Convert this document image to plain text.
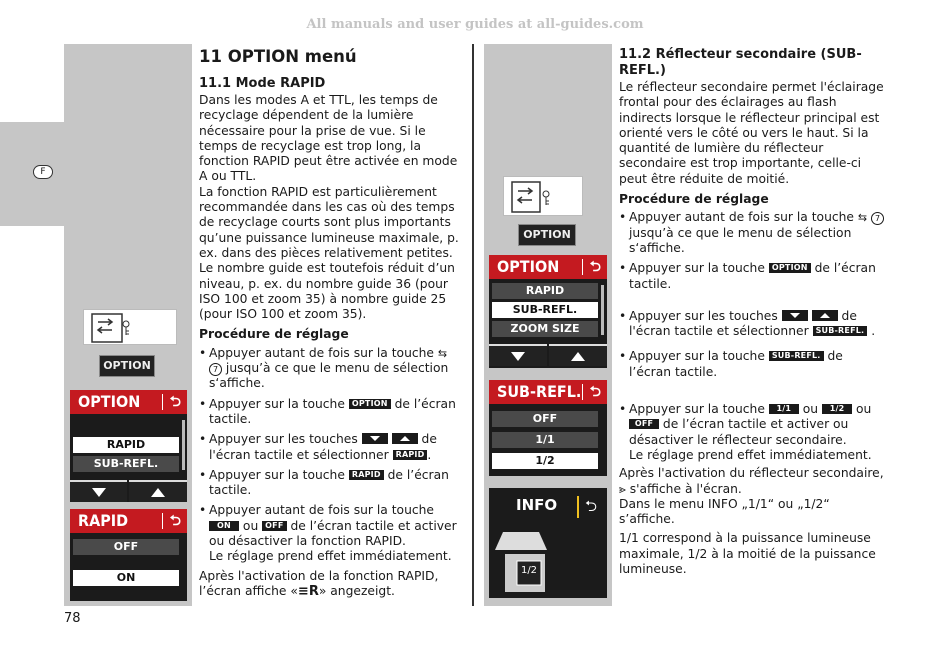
All manuals and user guides at all-guides.com
F
78
OPTION
OPTION ⮌
RAPID
SUB-REFL.
RAPID	⮌
OFF
ON
OPTION
OPTION ⮌
RAPID
SUB-REFL.
ZOOM SIZE
SUB-REFL. ⮌
OFF
1/1
1/2
INFO ⮌
1/2
11 OPTION menú
11.1 Mode RAPID

Dans les modes A et TTL, les temps de recyclage dépendent de la lumière nécessaire pour la prise de vue. Si le temps de recyclage est trop long, la fonction RAPID peut être activée en mode A ou TTL.

La fonction RAPID est particulièrement recommandée dans les cas où des temps de recyclage courts sont plus importants qu’une puissance lumineuse maximale, p. ex. dans des pièces relativement petites. Le nombre guide est toutefois réduit d’un niveau, p. ex. du nombre guide 36 (pour ISO 100 et zoom 35) à nombre guide 25 (pour ISO 100 et zoom 35).

Procédure de réglage
• Appuyer autant de fois sur la touche ⇆ 7 jusqu’à ce que le menu de sélection s‘affiche.
• Appuyer sur la touche OPTION de l’écran tactile.
• Appuyer sur les touches	de l'écran tactile et sélectionner RAPID .
• Appuyer sur la touche RAPID de l’écran tactile.
• Appuyer autant de fois sur la touche ON ou OFF de l’écran tactile et activer ou désactiver la fonction RAPID.
Le réglage prend effet immédiatement.

Après l'activation de la fonction RAPID,
l’écran affiche «≡R» angezeigt.

11.2 Réflecteur secondaire (SUB-REFL.)

Le réflecteur secondaire permet l'éclairage frontal pour des éclairages au flash indirects lorsque le réflecteur principal est orienté vers le côté ou vers le haut. Si la quantité de lumière du réflecteur secondaire est trop importante, celle-ci peut être réduite de moitié.

Procédure de réglage
• Appuyer autant de fois sur la touche ⇆ 7 jusqu’à ce que le menu de sélection s‘affiche.
• Appuyer sur la touche OPTION de l’écran tactile.
• Appuyer sur les touches	de
l'écran tactile et sélectionner SUB-REFL. .
• Appuyer sur la touche SUB-REFL. de l’écran tactile.
• Appuyer sur la touche 1/1 ou 1/2 ou
OFF de l’écran tactile et activer ou désactiver le réflecteur secondaire.
Le réglage prend effet immédiatement.

Après l'activation du réflecteur secondaire,
⪢ s'affiche à l'écran.
Dans le menu INFO „1/1“ ou „1/2“ s’affiche.

1/1 correspond à la puissance lumineuse maximale, 1/2 à la moitié de la puissance lumineuse.
